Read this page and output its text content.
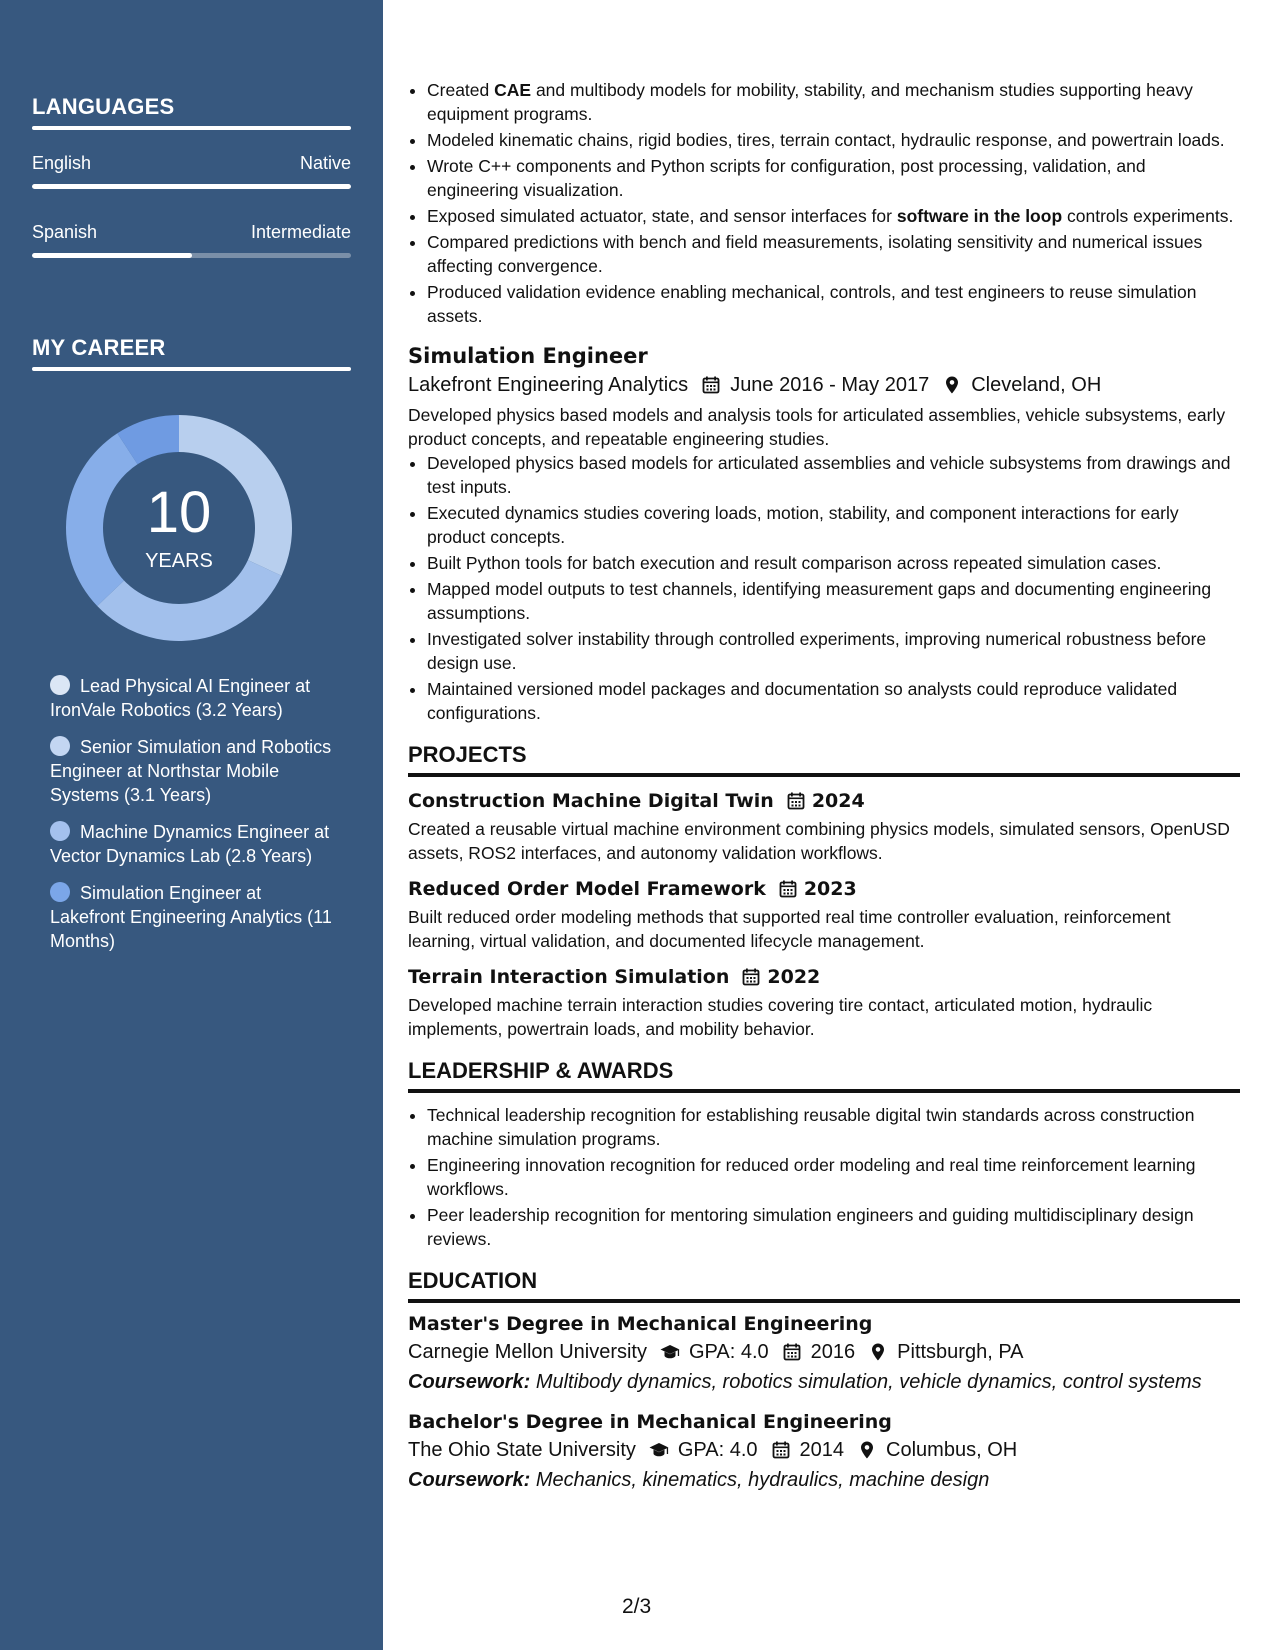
LANGUAGES
English	Native
Spanish	Intermediate
MY CAREER
10
YEARS
Lead Physical AI Engineer at IronVale Robotics (3.2 Years)
Senior Simulation and Robotics Engineer at Northstar Mobile Systems (3.1 Years)
Machine Dynamics Engineer at Vector Dynamics Lab (2.8 Years)
Simulation Engineer at Lakefront Engineering Analytics (11 Months)
• Created CAE and multibody models for mobility, stability, and mechanism studies supporting heavy equipment programs.
• Modeled kinematic chains, rigid bodies, tires, terrain contact, hydraulic response, and powertrain loads.
• Wrote C++ components and Python scripts for configuration, post processing, validation, and engineering visualization.
• Exposed simulated actuator, state, and sensor interfaces for software in the loop controls experiments.
• Compared predictions with bench and field measurements, isolating sensitivity and numerical issues affecting convergence.
• Produced validation evidence enabling mechanical, controls, and test engineers to reuse simulation assets.
Simulation Engineer
Lakefront Engineering Analytics June 2016 - May 2017 Cleveland, OH
Developed physics based models and analysis tools for articulated assemblies, vehicle subsystems, early product concepts, and repeatable engineering studies.
• Developed physics based models for articulated assemblies and vehicle subsystems from drawings and test inputs.
• Executed dynamics studies covering loads, motion, stability, and component interactions for early product concepts.
• Built Python tools for batch execution and result comparison across repeated simulation cases.
• Mapped model outputs to test channels, identifying measurement gaps and documenting engineering assumptions.
• Investigated solver instability through controlled experiments, improving numerical robustness before design use.
• Maintained versioned model packages and documentation so analysts could reproduce validated configurations.
PROJECTS
Construction Machine Digital Twin 2024
Created a reusable virtual machine environment combining physics models, simulated sensors, OpenUSD assets, ROS2 interfaces, and autonomy validation workflows.
Reduced Order Model Framework 2023
Built reduced order modeling methods that supported real time controller evaluation, reinforcement learning, virtual validation, and documented lifecycle management.
Terrain Interaction Simulation 2022
Developed machine terrain interaction studies covering tire contact, articulated motion, hydraulic implements, powertrain loads, and mobility behavior.
LEADERSHIP & AWARDS
• Technical leadership recognition for establishing reusable digital twin standards across construction machine simulation programs.
• Engineering innovation recognition for reduced order modeling and real time reinforcement learning workflows.
• Peer leadership recognition for mentoring simulation engineers and guiding multidisciplinary design reviews.
EDUCATION
Master's Degree in Mechanical Engineering
Carnegie Mellon University GPA: 4.0 2016 Pittsburgh, PA
Coursework: Multibody dynamics, robotics simulation, vehicle dynamics, control systems
Bachelor's Degree in Mechanical Engineering
The Ohio State University GPA: 4.0 2014 Columbus, OH
Coursework: Mechanics, kinematics, hydraulics, machine design
2/3
